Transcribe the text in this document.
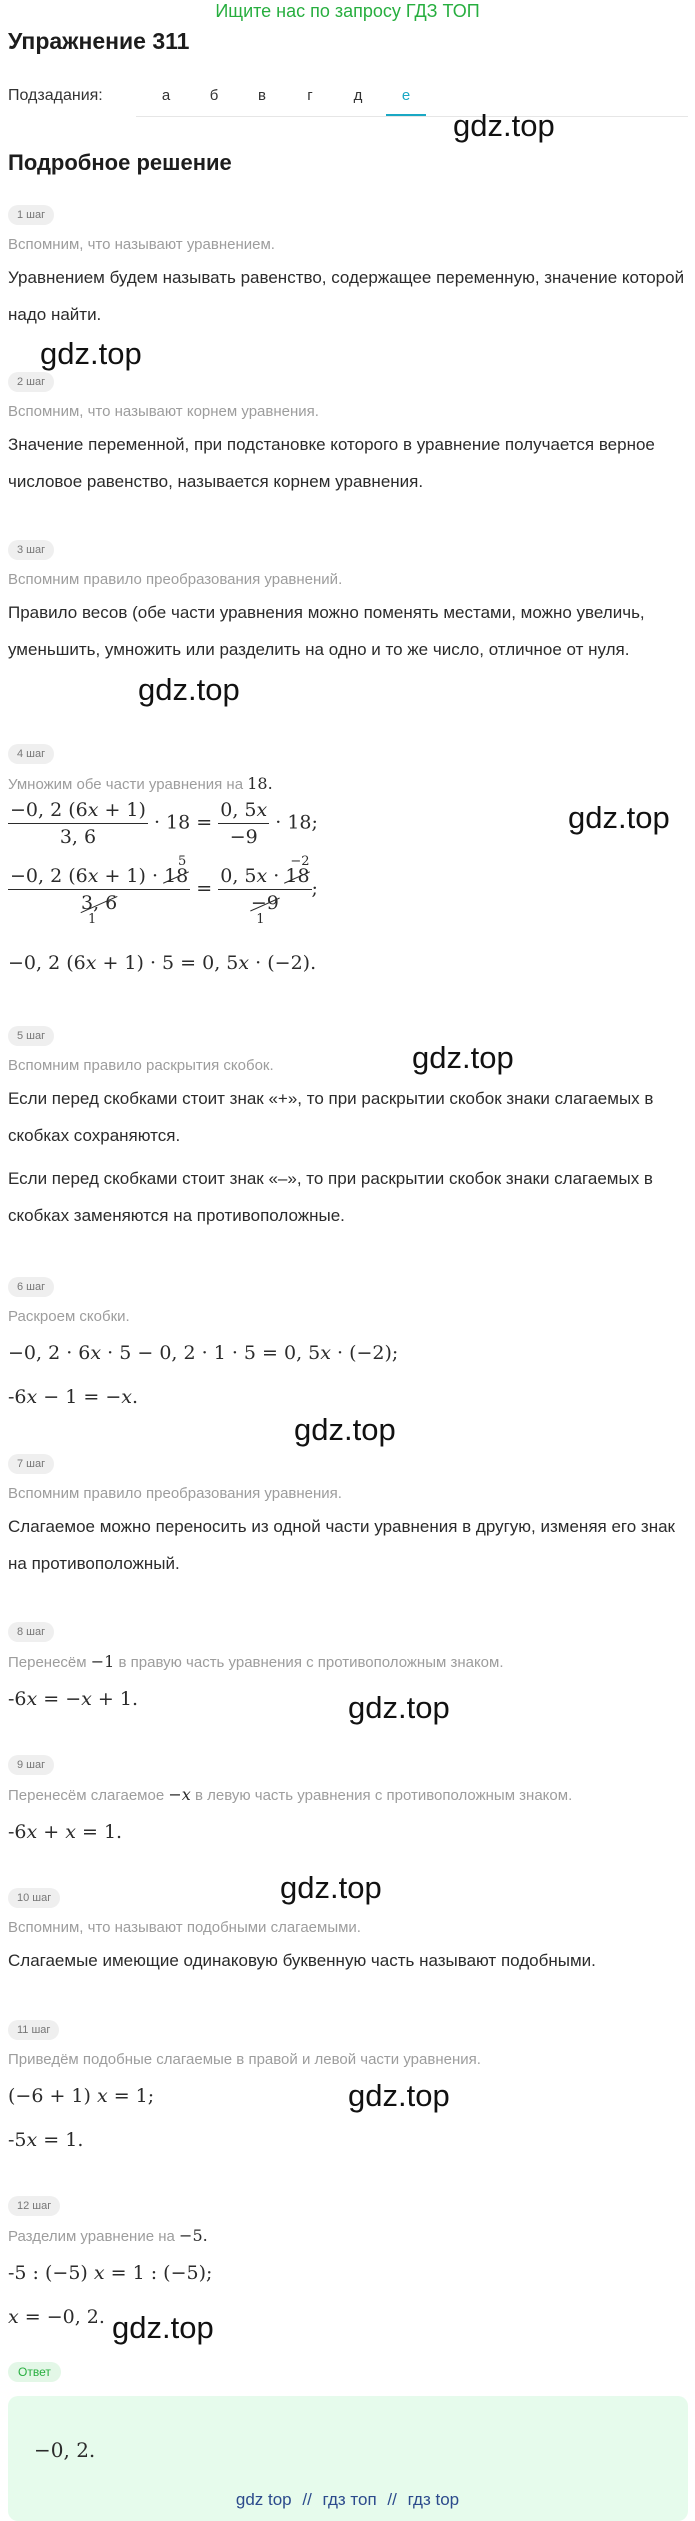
Ищите нас по запросу ГДЗ ТОП
Упражнение 311
Подзадания:	а	б	в	г	д	е
Подробное решение
1 шаг
Вспомним, что называют уравнением.
Уравнением будем называть равенство, содержащее переменную, значение которой надо найти.
2 шаг
Вспомним, что называют корнем уравнения.
Значение переменной, при подстановке которого в уравнение получается верное числовое равенство, называется корнем уравнения.
3 шаг
Вспомним правило преобразования уравнений.
Правило весов (обе части уравнения можно поменять местами, можно увеличь, уменьшить, умножить или разделить на одно и то же число, отличное от нуля.
4 шаг
Умножим обе части уравнения на 18.
$\frac{-0, 2 (6x + 1)}{3, 6} \cdot 18 = \frac{0, 5x}{-9} \cdot 18$;
−0, 2 (6x + 1) · 18
5
3, 6
1 = 0, 5x · 18
−2
−9
1 ;
−0, 2 (6x + 1) · 5 = 0, 5x · (−2).
5 шаг
Вспомним правило раскрытия скобок.
Если перед скобками стоит знак «+», то при раскрытии скобок знаки слагаемых в скобках сохраняются.
Если перед скобками стоит знак «–», то при раскрытии скобок знаки слагаемых в скобках заменяются на противоположные.
6 шаг
Раскроем скобки.
−0, 2 · 6x · 5 − 0, 2 · 1 · 5 = 0, 5x · (−2);
-6x − 1 = −x.
7 шаг
Вспомним правило преобразования уравнения.
Слагаемое можно переносить из одной части уравнения в другую, изменяя его знак на противоположный.
8 шаг
Перенесём −1 в правую часть уравнения с противоположным знаком.
-6x = −x + 1.
9 шаг
Перенесём слагаемое −x в левую часть уравнения с противоположным знаком.
-6x + x = 1.
10 шаг
Вспомним, что называют подобными слагаемыми.
Слагаемые имеющие одинаковую буквенную часть называют подобными.
11 шаг
Приведём подобные слагаемые в правой и левой части уравнения.
(−6 + 1) x = 1;
-5x = 1.
12 шаг
Разделим уравнение на −5.
-5 : (−5) x = 1 : (−5);
x = −0, 2.
Ответ
−0, 2.
gdz.top
gdz.top
gdz.top
gdz.top
gdz.top
gdz.top
gdz.top
gdz.top
gdz.top
gdz.top
gdz top // гдз топ // гдз top
